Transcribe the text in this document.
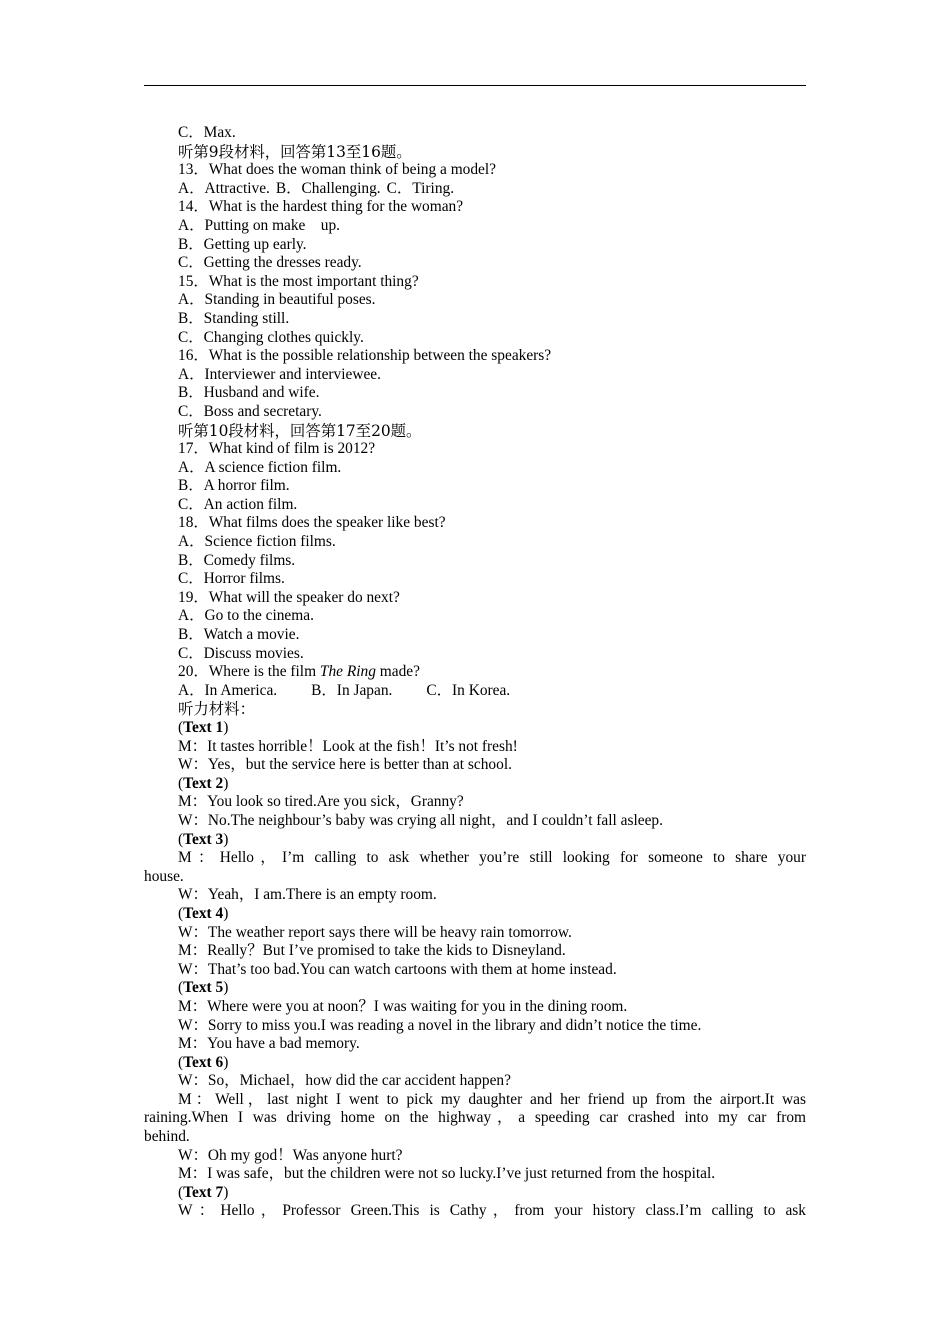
C．Max.
听第9段材料，回答第13至16题。
13．What does the woman think of being a model?
A．Attractive. B．Challenging. C．Tiring.
14．What is the hardest thing for the woman?
A．Putting on make　up.
B．Getting up early.
C．Getting the dresses ready.
15．What is the most important thing?
A．Standing in beautiful poses.
B．Standing still.
C．Changing clothes quickly.
16．What is the possible relationship between the speakers?
A．Interviewer and interviewee.
B．Husband and wife.
C．Boss and secretary.
听第10段材料，回答第17至20题。
17．What kind of film is 2012?
A．A science fiction film.
B．A horror film.
C．An action film.
18．What films does the speaker like best?
A．Science fiction films.
B．Comedy films.
C．Horror films.
19．What will the speaker do next?
A．Go to the cinema.
B．Watch a movie.
C．Discuss movies.
20．Where is the film The Ring made?
A．In America. B．In Japan. C．In Korea.
听力材料：
(Text 1)
M：It tastes horrible！Look at the fish！It’s not fresh!
W：Yes，but the service here is better than at school.
(Text 2)
M：You look so tired.Are you sick，Granny?
W：No.The neighbour’s baby was crying all night，and I couldn’t fall asleep.
(Text 3)
M：Hello，I’m calling to ask whether you’re still looking for someone to share your
house.
W：Yeah，I am.There is an empty room.
(Text 4)
W：The weather report says there will be heavy rain tomorrow.
M：Really？But I’ve promised to take the kids to Disneyland.
W：That’s too bad.You can watch cartoons with them at home instead.
(Text 5)
M：Where were you at noon？I was waiting for you in the dining room.
W：Sorry to miss you.I was reading a novel in the library and didn’t notice the time.
M：You have a bad memory.
(Text 6)
W：So，Michael，how did the car accident happen?
M：Well，last night I went to pick my daughter and her friend up from the airport.It was
raining.When I was driving home on the highway，a speeding car crashed into my car from
behind.
W：Oh my god！Was anyone hurt?
M：I was safe，but the children were not so lucky.I’ve just returned from the hospital.
(Text 7)
W：Hello，Professor Green.This is Cathy，from your history class.I’m calling to ask
